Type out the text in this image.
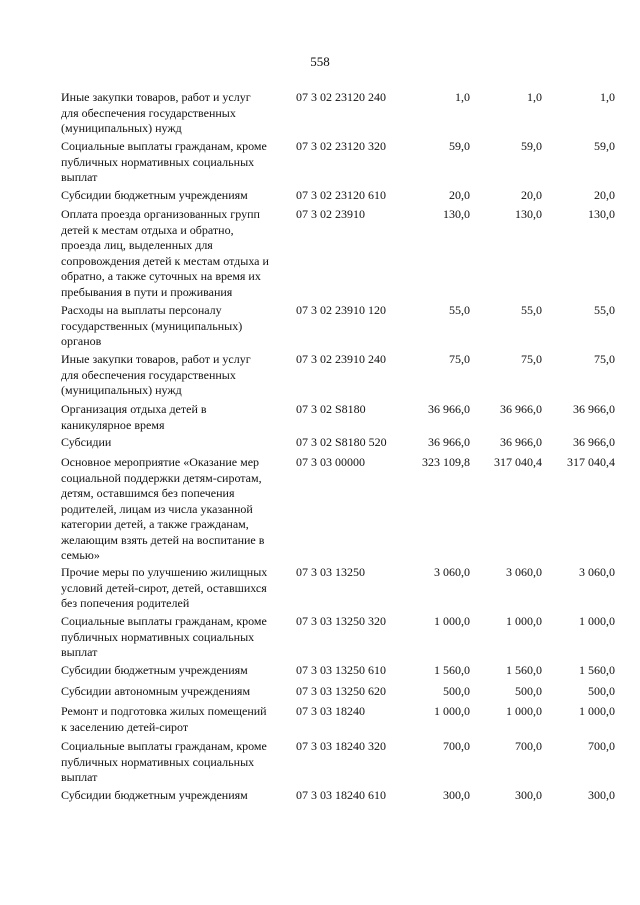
558
Иные закупки товаров, работ и услуг
для обеспечения государственных
(муниципальных) нужд
07 3 02 23120 240	1,0	1,0	1,0
Социальные выплаты гражданам, кроме
публичных нормативных социальных
выплат
07 3 02 23120 320	59,0	59,0	59,0
Субсидии бюджетным учреждениям	07 3 02 23120 610	20,0	20,0	20,0
Оплата проезда организованных групп
детей к местам отдыха и обратно,
проезда лиц, выделенных для
сопровождения детей к местам отдыха и
обратно, а также суточных на время их
пребывания в пути и проживания
07 3 02 23910	130,0	130,0	130,0
Расходы на выплаты персоналу
государственных (муниципальных)
органов
07 3 02 23910 120	55,0	55,0	55,0
Иные закупки товаров, работ и услуг
для обеспечения государственных
(муниципальных) нужд
07 3 02 23910 240	75,0	75,0	75,0
Организация отдыха детей в
каникулярное время
07 3 02 S8180	36 966,0	36 966,0	36 966,0
Субсидии	07 3 02 S8180 520	36 966,0	36 966,0	36 966,0
Основное мероприятие «Оказание мер
социальной поддержки детям-сиротам,
детям, оставшимся без попечения
родителей, лицам из числа указанной
категории детей, а также гражданам,
желающим взять детей на воспитание в
семью»
07 3 03 00000	323 109,8	317 040,4	317 040,4
Прочие меры по улучшению жилищных
условий детей-сирот, детей, оставшихся
без попечения родителей
07 3 03 13250	3 060,0	3 060,0	3 060,0
Социальные выплаты гражданам, кроме
публичных нормативных социальных
выплат
07 3 03 13250 320	1 000,0	1 000,0	1 000,0
Субсидии бюджетным учреждениям	07 3 03 13250 610	1 560,0	1 560,0	1 560,0
Субсидии автономным учреждениям	07 3 03 13250 620	500,0	500,0	500,0
Ремонт и подготовка жилых помещений
к заселению детей-сирот
07 3 03 18240	1 000,0	1 000,0	1 000,0
Социальные выплаты гражданам, кроме
публичных нормативных социальных
выплат
07 3 03 18240 320	700,0	700,0	700,0
Субсидии бюджетным учреждениям	07 3 03 18240 610	300,0	300,0	300,0
